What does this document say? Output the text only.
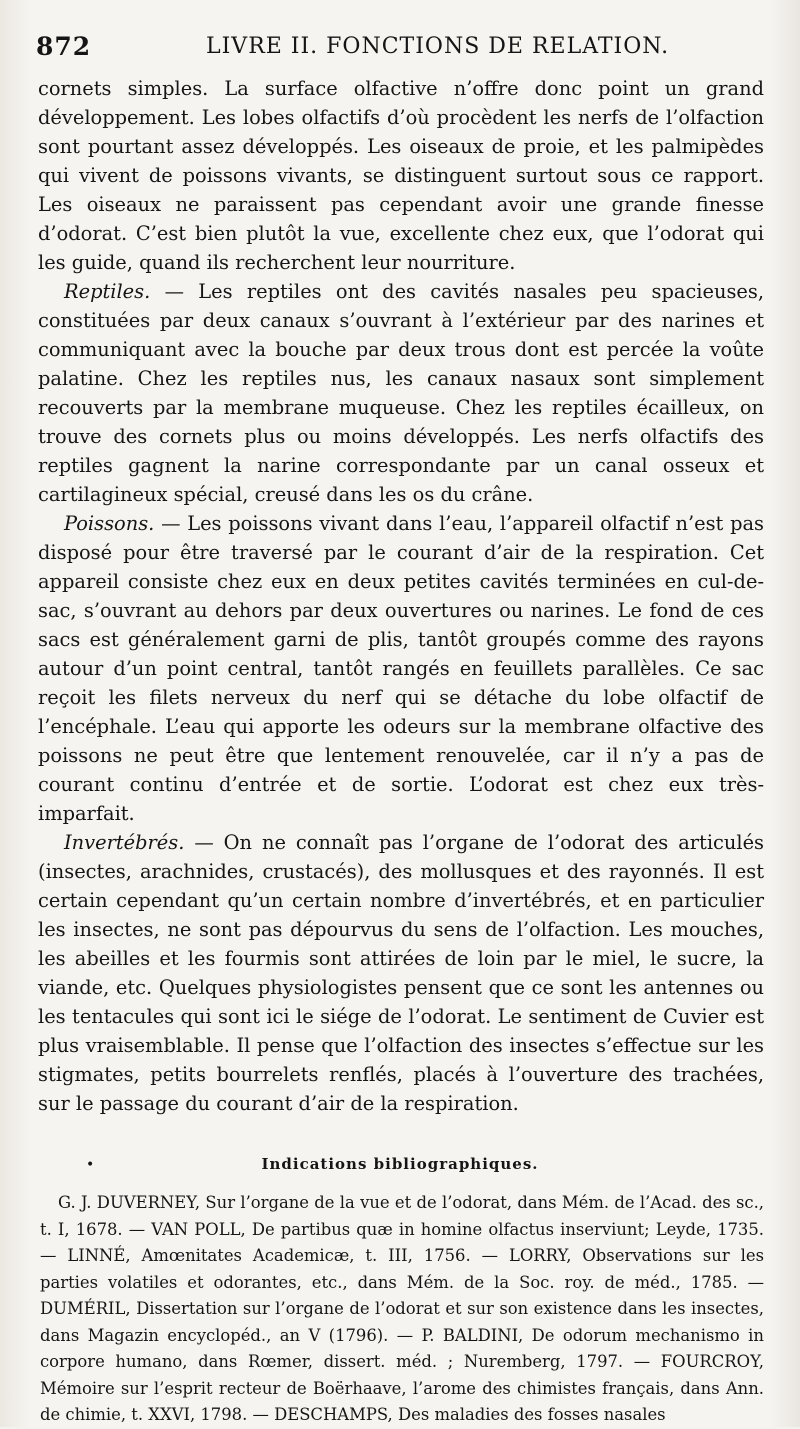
872	LIVRE II. FONCTIONS DE RELATION.

cornets simples. La surface olfactive n’offre donc point un grand développement. Les lobes olfactifs d’où procèdent les nerfs de l’olfaction sont pourtant assez développés. Les oiseaux de proie, et les palmipèdes qui vivent de poissons vivants, se distinguent surtout sous ce rapport. Les oiseaux ne paraissent pas cependant avoir une grande finesse d’odorat. C’est bien plutôt la vue, excellente chez eux, que l’odorat qui les guide, quand ils recherchent leur nourriture.

Reptiles. — Les reptiles ont des cavités nasales peu spacieuses, constituées par deux canaux s’ouvrant à l’extérieur par des narines et communiquant avec la bouche par deux trous dont est percée la voûte palatine. Chez les reptiles nus, les canaux nasaux sont simplement recouverts par la membrane muqueuse. Chez les reptiles écailleux, on trouve des cornets plus ou moins développés. Les nerfs olfactifs des reptiles gagnent la narine correspondante par un canal osseux et cartilagineux spécial, creusé dans les os du crâne.

Poissons. — Les poissons vivant dans l’eau, l’appareil olfactif n’est pas disposé pour être traversé par le courant d’air de la respiration. Cet appareil consiste chez eux en deux petites cavités terminées en cul-de-sac, s’ouvrant au dehors par deux ouvertures ou narines. Le fond de ces sacs est généralement garni de plis, tantôt groupés comme des rayons autour d’un point central, tantôt rangés en feuillets parallèles. Ce sac reçoit les filets nerveux du nerf qui se détache du lobe olfactif de l’encéphale. L’eau qui apporte les odeurs sur la membrane olfactive des poissons ne peut être que lentement renouvelée, car il n’y a pas de courant continu d’entrée et de sortie. L’odorat est chez eux très-imparfait.

Invertébrés. — On ne connaît pas l’organe de l’odorat des articulés (insectes, arachnides, crustacés), des mollusques et des rayonnés. Il est certain cependant qu’un certain nombre d’invertébrés, et en particulier les insectes, ne sont pas dépourvus du sens de l’olfaction. Les mouches, les abeilles et les fourmis sont attirées de loin par le miel, le sucre, la viande, etc. Quelques physiologistes pensent que ce sont les antennes ou les tentacules qui sont ici le siége de l’odorat. Le sentiment de Cuvier est plus vraisemblable. Il pense que l’olfaction des insectes s’effectue sur les stigmates, petits bourrelets renflés, placés à l’ouverture des trachées, sur le passage du courant d’air de la respiration.

•	Indications bibliographiques.

G. J. DUVERNEY, Sur l’organe de la vue et de l’odorat, dans Mém. de l’Acad. des sc., t. I, 1678. — VAN POLL, De partibus quæ in homine olfactus inserviunt; Leyde, 1735. — LINNÉ, Amœnitates Academicæ, t. III, 1756. — LORRY, Observations sur les parties volatiles et odorantes, etc., dans Mém. de la Soc. roy. de méd., 1785. — DUMÉRIL, Dissertation sur l’organe de l’odorat et sur son existence dans les insectes, dans Magazin encyclopéd., an V (1796). — P. BALDINI, De odorum mechanismo in corpore humano, dans Rœmer, dissert. méd. ; Nuremberg, 1797. — FOURCROY, Mémoire sur l’esprit recteur de Boërhaave, l’arome des chimistes français, dans Ann. de chimie, t. XXVI, 1798. — DESCHAMPS, Des maladies des fosses nasales
